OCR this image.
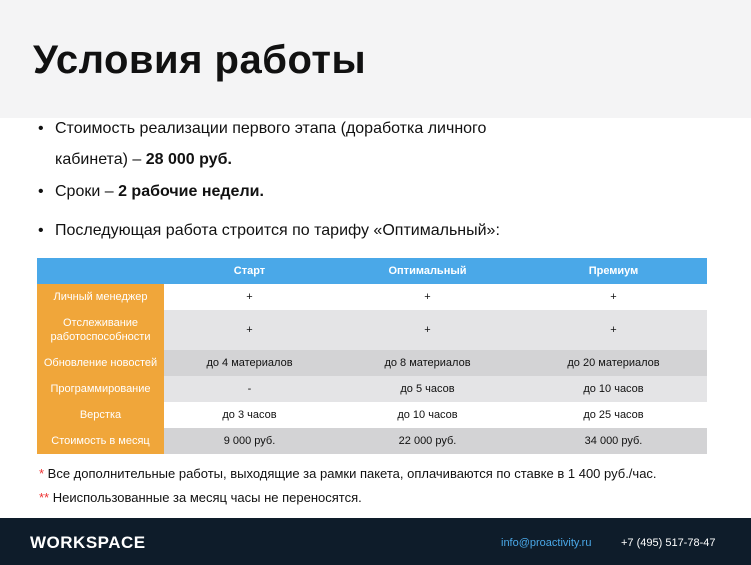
Условия работы
• Стоимость реализации первого этапа (доработка личного кабинета) – 28 000 руб.
• Сроки – 2 рабочие недели.
• Последующая работа строится по тарифу «Оптимальный»:
	Старт	Оптимальный	Премиум
Личный менеджер	+	+	+
Отслеживание работоспособности	+	+	+
Обновление новостей	до 4 материалов	до 8 материалов	до 20 материалов
Программирование	-	до 5 часов	до 10 часов
Верстка	до 3 часов	до 10 часов	до 25 часов
Стоимость в месяц	9 000 руб.	22 000 руб.	34 000 руб.
* Все дополнительные работы, выходящие за рамки пакета, оплачиваются по ставке в 1 400 руб./час.
** Неиспользованные за месяц часы не переносятся.
WORKSPACE	info@proactivity.ru	+7 (495) 517-78-47
